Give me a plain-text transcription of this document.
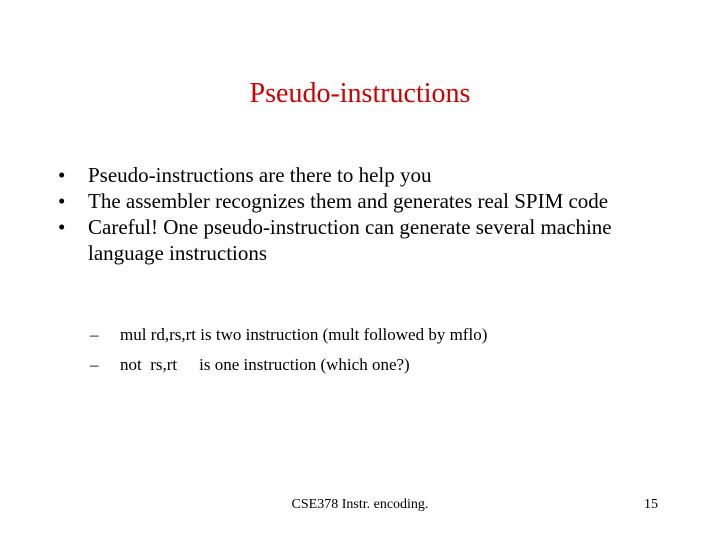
Pseudo-instructions
•	Pseudo-instructions are there to help you
•	The assembler recognizes them and generates real SPIM code
•	Careful! One pseudo-instruction can generate several machine language instructions
– mul rd,rs,rt is two instruction (mult followed by mflo)
– not  rs,rt is one instruction (which one?)
CSE378 Instr. encoding.	15
